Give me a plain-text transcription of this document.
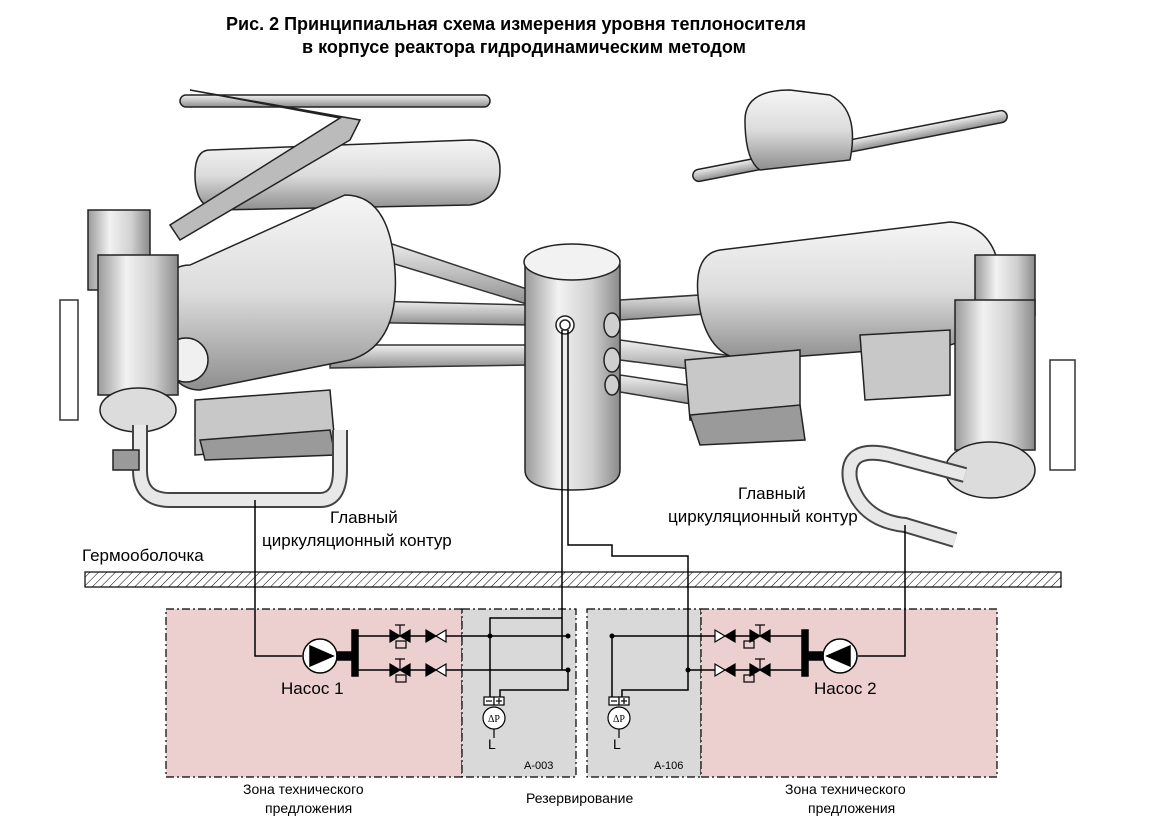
Рис. 2 Принципиальная схема измерения уровня теплоносителя
в корпусе реактора гидродинамическим методом
ΔP	ΔP
Главный
циркуляционный контур
Главный
циркуляционный контур
Гермооболочка
Насос 1	Насос 2
А-003	А-106
L	L
Зона технического
предложения
Резервирование
Зона технического
предложения
